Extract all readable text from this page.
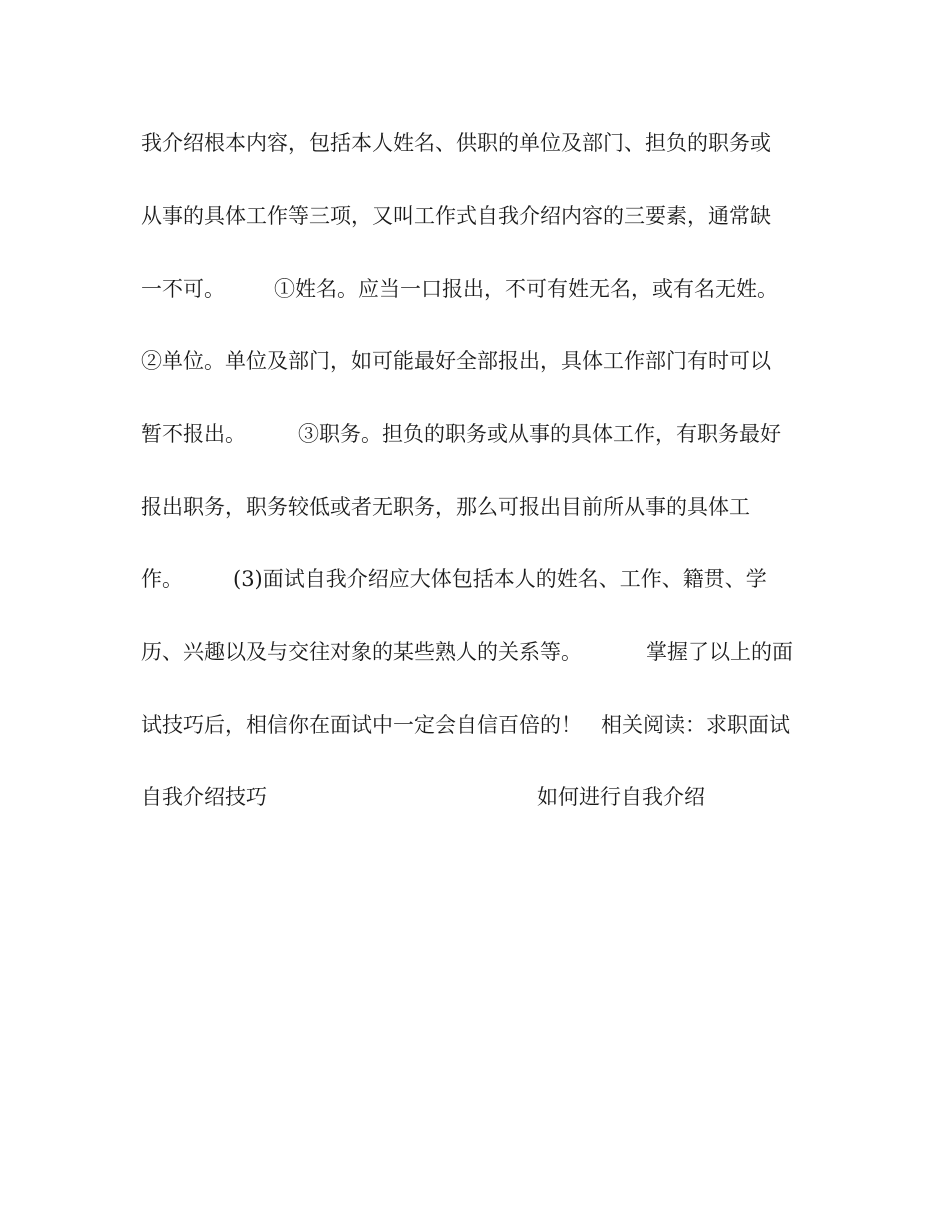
我介绍根本内容，包括本人姓名、供职的单位及部门、担负的职务或

从事的具体工作等三项，又叫工作式自我介绍内容的三要素，通常缺

一不可。

①姓名。应当一口报出，不可有姓无名，或有名无姓。

②单位。单位及部门，如可能最好全部报出，具体工作部门有时可以

暂不报出。

③职务。担负的职务或从事的具体工作，有职务最好

报出职务，职务较低或者无职务，那么可报出目前所从事的具体工

作。

(3)面试自我介绍应大体包括本人的姓名、工作、籍贯、学

历、兴趣以及与交往对象的某些熟人的关系等。

	掌握了以上的面

试技巧后，相信你在面试中一定会自信百倍的！

相关阅读：求职面试

自我介绍技巧

	如何进行自我介绍
